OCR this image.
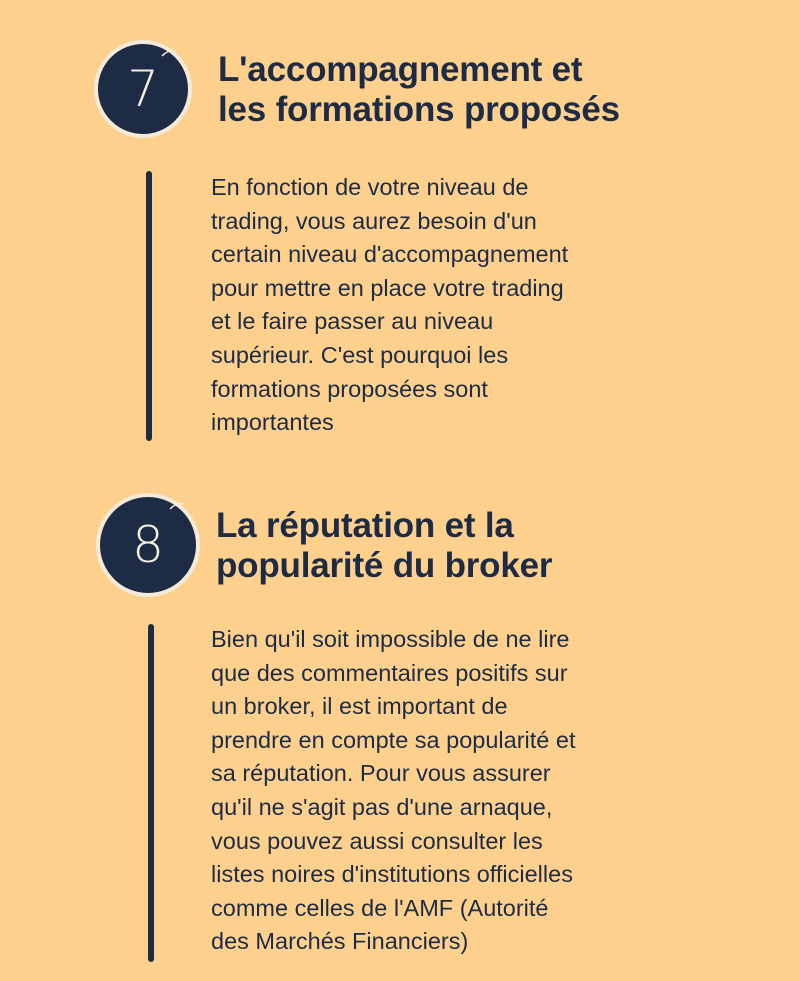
7 L'accompagnement et
les formations proposés

En fonction de votre niveau de
trading, vous aurez besoin d'un
certain niveau d'accompagnement
pour mettre en place votre trading
et le faire passer au niveau
supérieur. C'est pourquoi les
formations proposées sont
importantes

8 La réputation et la
popularité du broker

Bien qu'il soit impossible de ne lire
que des commentaires positifs sur
un broker, il est important de
prendre en compte sa popularité et
sa réputation. Pour vous assurer
qu'il ne s'agit pas d'une arnaque,
vous pouvez aussi consulter les
listes noires d'institutions officielles
comme celles de l'AMF (Autorité
des Marchés Financiers)
